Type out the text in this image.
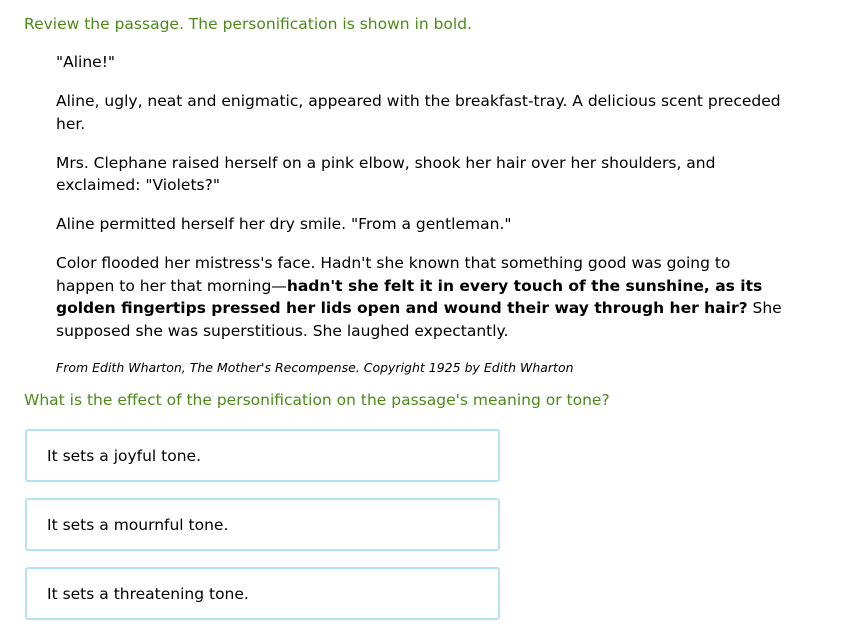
Review the passage. The personification is shown in bold.

"Aline!"

Aline, ugly, neat and enigmatic, appeared with the breakfast-tray. A delicious scent preceded her.

Mrs. Clephane raised herself on a pink elbow, shook her hair over her shoulders, and exclaimed: "Violets?"

Aline permitted herself her dry smile. "From a gentleman."

Color flooded her mistress's face. Hadn't she known that something good was going to happen to her that morning—hadn't she felt it in every touch of the sunshine, as its golden fingertips pressed her lids open and wound their way through her hair? She supposed she was superstitious. She laughed expectantly.

From Edith Wharton, The Mother's Recompense. Copyright 1925 by Edith Wharton

What is the effect of the personification on the passage's meaning or tone?
It sets a joyful tone.
It sets a mournful tone.
It sets a threatening tone.
